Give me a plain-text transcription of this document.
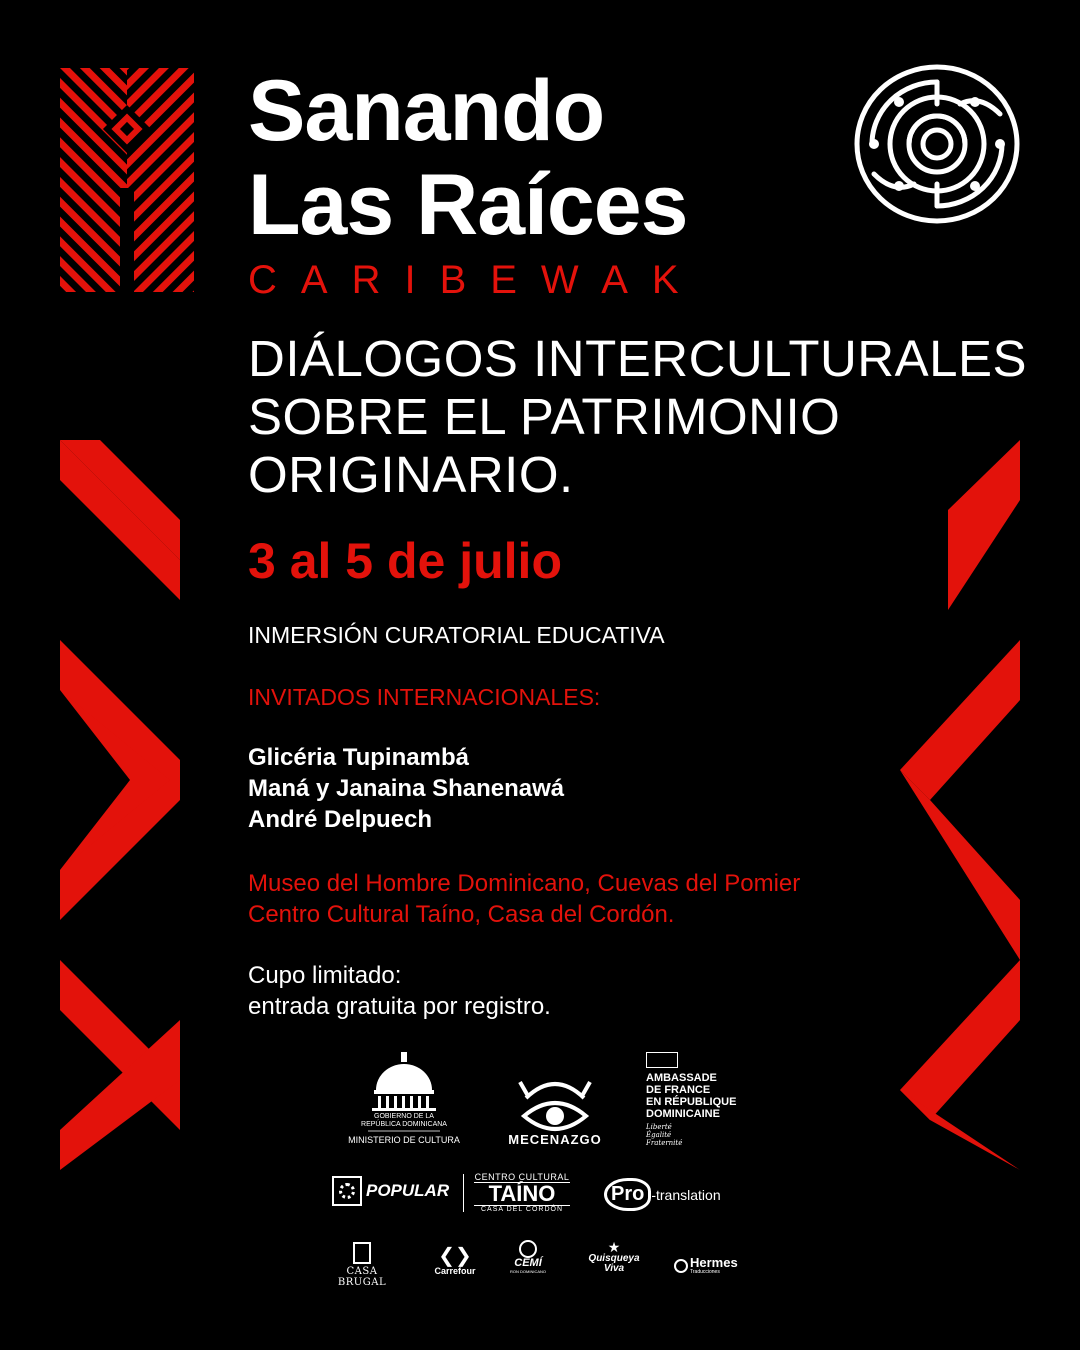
Sanando
Las Raíces
CARIBEWAK
DIÁLOGOS INTERCULTURALES
SOBRE EL PATRIMONIO
ORIGINARIO.
3 al 5 de julio
INMERSIÓN CURATORIAL EDUCATIVA
INVITADOS INTERNACIONALES:
Glicéria Tupinambá
Maná y Janaina Shanenawá
André Delpuech
Museo del Hombre Dominicano, Cuevas del Pomier
Centro Cultural Taíno, Casa del Cordón.
Cupo limitado:
entrada gratuita por registro.
GOBIERNO DE LA
REPÚBLICA DOMINICANA
MINISTERIO DE CULTURA	MECENAZGO
AMBASSADE
DE FRANCE
EN RÉPUBLIQUE
DOMINICAINE
Liberté
Égalité
Fraternité
POPULAR
CENTRO CULTURAL
TAÍNO
CASA DEL CORDÓN
Pro -translation
CASA BRUGAL
❮❯
Carrefour
CEMÍ
RON DOMINICANO
★
Quisqueya
Viva	Hermes
Traducciones
